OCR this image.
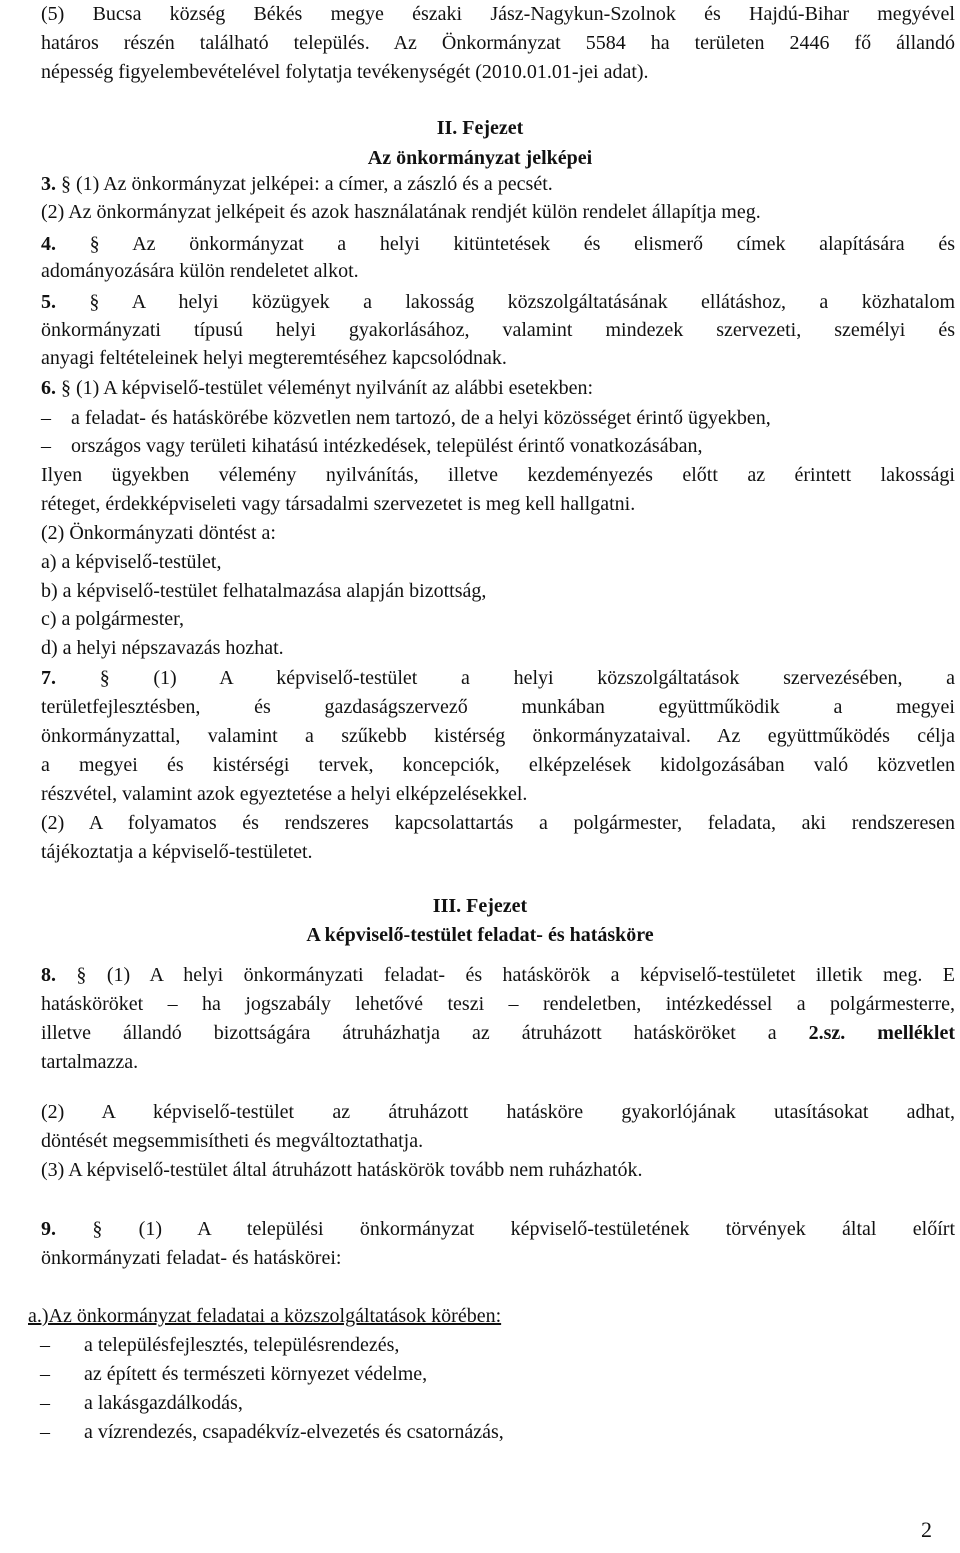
(5) Bucsa község Békés megye északi Jász-Nagykun-Szolnok és Hajdú-Bihar megyével
határos részén található település. Az Önkormányzat 5584 ha területen 2446 fő állandó
népesség figyelembevételével folytatja tevékenységét (2010.01.01-jei adat).
II. Fejezet
Az önkormányzat jelképei
3. § (1) Az önkormányzat jelképei: a címer, a zászló és a pecsét.
(2) Az önkormányzat jelképeit és azok használatának rendjét külön rendelet állapítja meg.
4. § Az önkormányzat a helyi kitüntetések és elismerő címek alapítására és
adományozására külön rendeletet alkot.
5. § A helyi közügyek a lakosság közszolgáltatásának ellátáshoz, a közhatalom
önkormányzati típusú helyi gyakorlásához, valamint mindezek szervezeti, személyi és
anyagi feltételeinek helyi megteremtéséhez kapcsolódnak.
6. § (1) A képviselő-testület véleményt nyilvánít az alábbi esetekben:
– a feladat- és hatáskörébe közvetlen nem tartozó, de a helyi közösséget érintő ügyekben,
– országos vagy területi kihatású intézkedések, települést érintő vonatkozásában,
Ilyen ügyekben vélemény nyilvánítás, illetve kezdeményezés előtt az érintett lakossági
réteget, érdekképviseleti vagy társadalmi szervezetet is meg kell hallgatni.
(2) Önkormányzati döntést a:
a) a képviselő-testület,
b) a képviselő-testület felhatalmazása alapján bizottság,
c) a polgármester,
d) a helyi népszavazás hozhat.
7. § (1) A képviselő-testület a helyi közszolgáltatások szervezésében, a
területfejlesztésben, és gazdaságszervező munkában együttműködik a megyei
önkormányzattal, valamint a szűkebb kistérség önkormányzataival. Az együttműködés célja
a megyei és kistérségi tervek, koncepciók, elképzelések kidolgozásában való közvetlen
részvétel, valamint azok egyeztetése a helyi elképzelésekkel.
(2) A folyamatos és rendszeres kapcsolattartás a polgármester, feladata, aki rendszeresen
tájékoztatja a képviselő-testületet.
III. Fejezet
A képviselő-testület feladat- és hatásköre
8. § (1) A helyi önkormányzati feladat- és hatáskörök a képviselő-testületet illetik meg. E
hatásköröket – ha jogszabály lehetővé teszi – rendeletben, intézkedéssel a polgármesterre,
illetve állandó bizottságára átruházhatja az átruházott hatásköröket a 2.sz. melléklet
tartalmazza.
(2) A képviselő-testület az átruházott hatásköre gyakorlójának utasításokat adhat,
döntését megsemmisítheti és megváltoztathatja.
(3) A képviselő-testület által átruházott hatáskörök tovább nem ruházhatók.
9. § (1) A települési önkormányzat képviselő-testületének törvények által előírt
önkormányzati feladat- és hatáskörei:
a.)Az önkormányzat feladatai a közszolgáltatások körében:
– a településfejlesztés, településrendezés,
– az épített és természeti környezet védelme,
– a lakásgazdálkodás,
– a vízrendezés, csapadékvíz-elvezetés és csatornázás,
2
